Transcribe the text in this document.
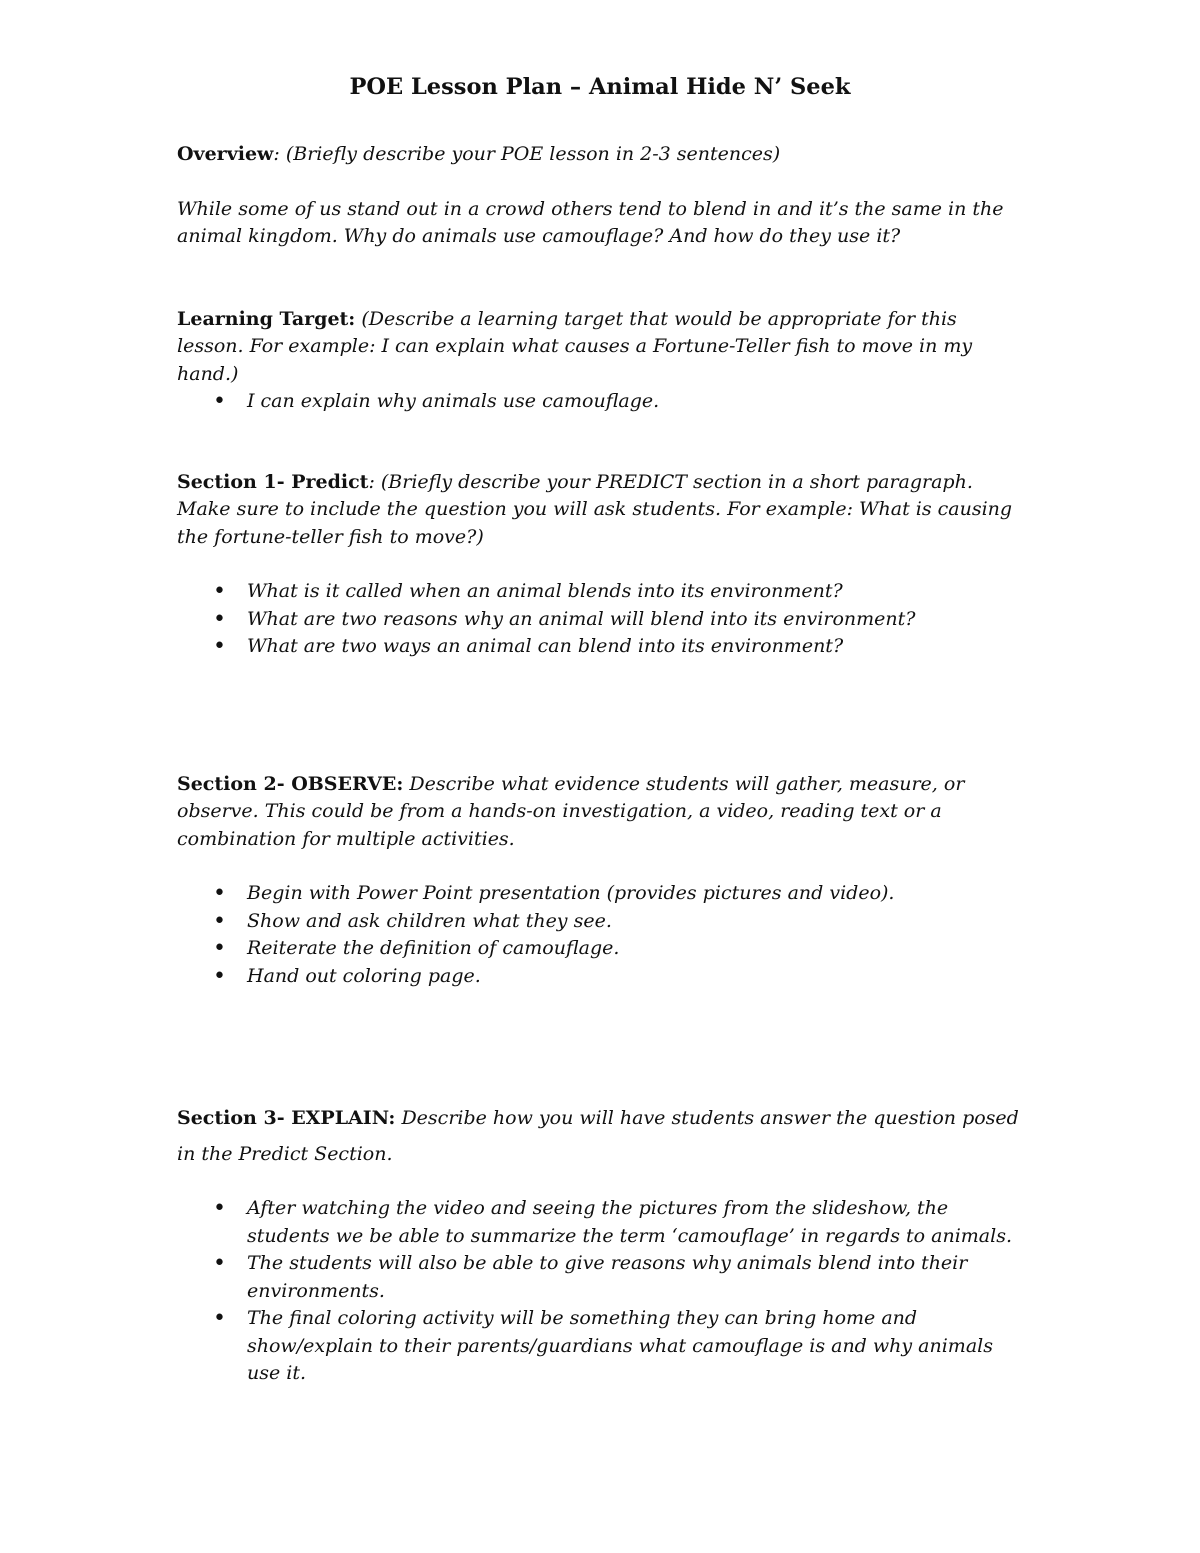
POE Lesson Plan – Animal Hide N’ Seek

Overview: (Briefly describe your POE lesson in 2-3 sentences)

While some of us stand out in a crowd others tend to blend in and it’s the same in the animal kingdom. Why do animals use camouflage? And how do they use it?

Learning Target: (Describe a learning target that would be appropriate for this lesson. For example: I can explain what causes a Fortune-Teller fish to move in my hand.)

• I can explain why animals use camouflage.

Section 1- Predict: (Briefly describe your PREDICT section in a short paragraph. Make sure to include the question you will ask students. For example: What is causing the fortune-teller fish to move?)

• What is it called when an animal blends into its environment?
• What are two reasons why an animal will blend into its environment?
• What are two ways an animal can blend into its environment?

Section 2- OBSERVE: Describe what evidence students will gather, measure, or observe. This could be from a hands-on investigation, a video, reading text or a combination for multiple activities.

• Begin with Power Point presentation (provides pictures and video).
• Show and ask children what they see.
• Reiterate the definition of camouflage.
• Hand out coloring page.

Section 3- EXPLAIN: Describe how you will have students answer the question posed in the Predict Section.

• After watching the video and seeing the pictures from the slideshow, the students we be able to summarize the term ‘camouflage’ in regards to animals.
• The students will also be able to give reasons why animals blend into their environments.
• The final coloring activity will be something they can bring home and show/explain to their parents/guardians what camouflage is and why animals use it.
